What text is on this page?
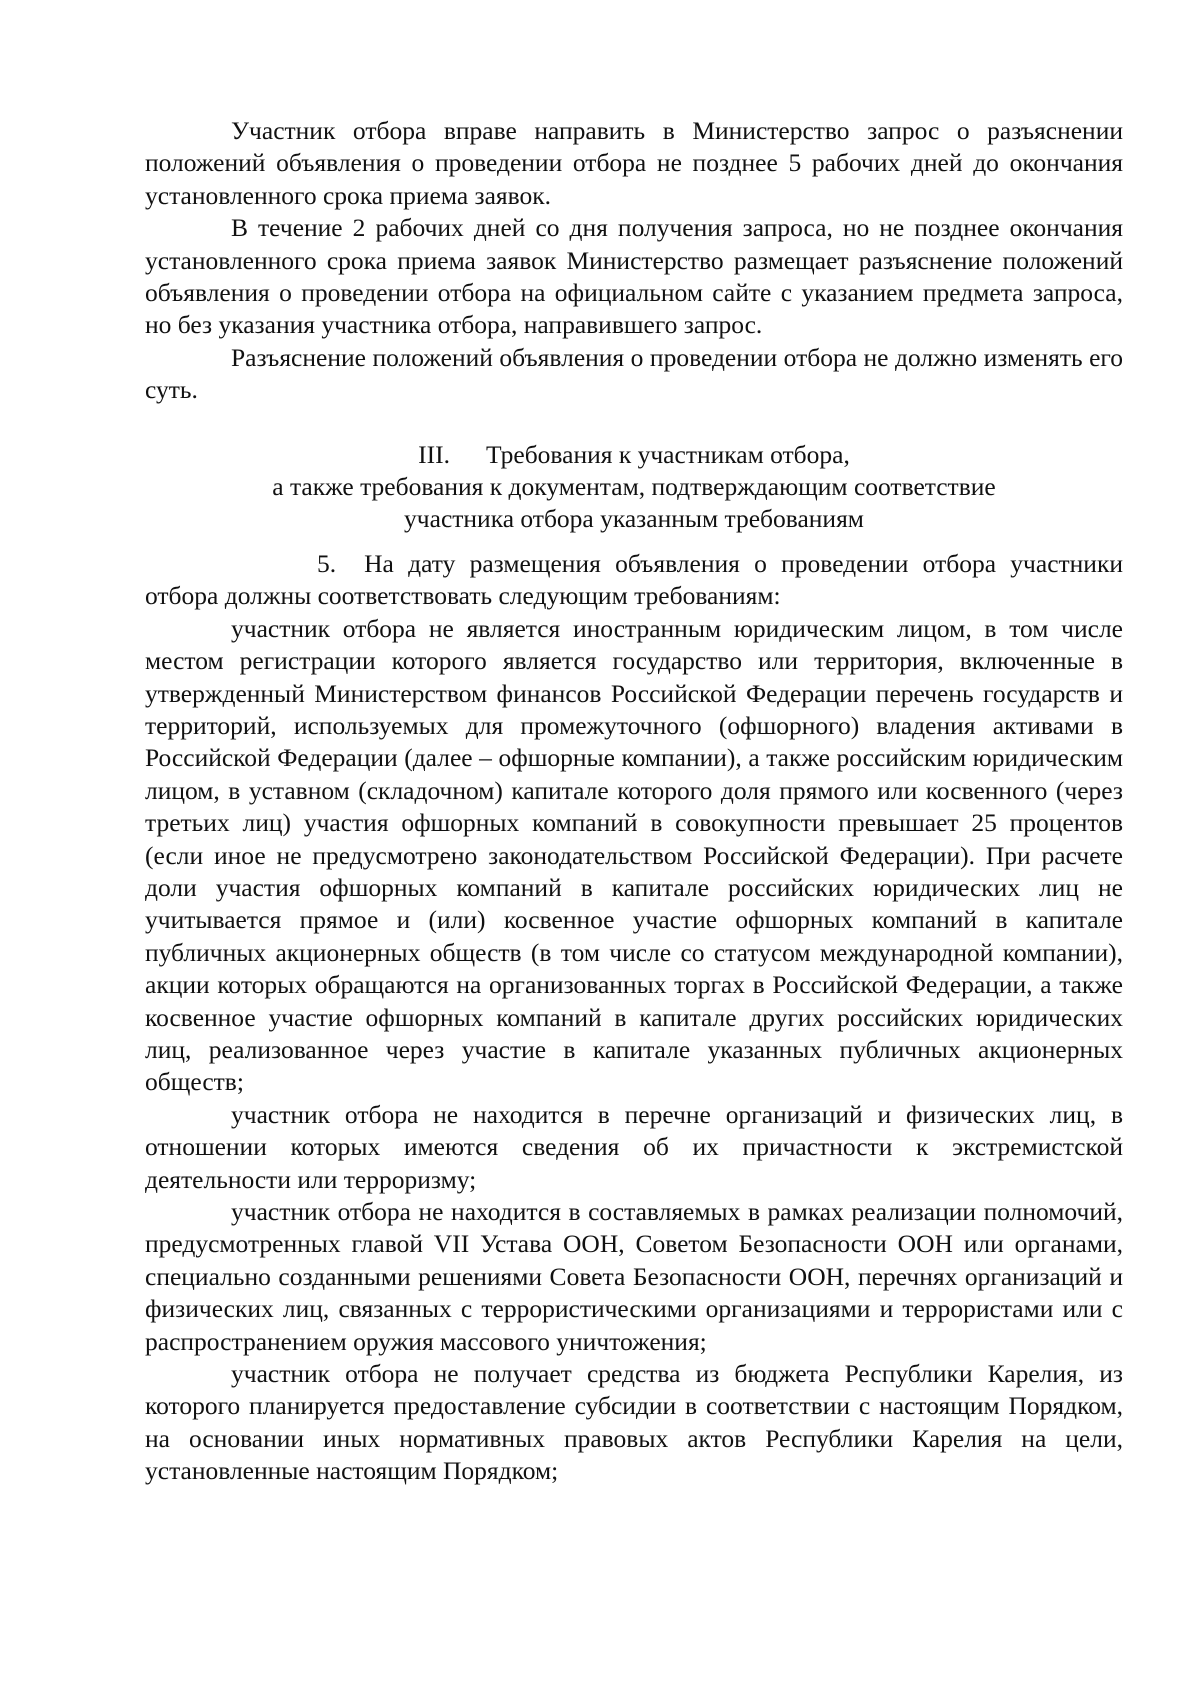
Участник отбора вправе направить в Министерство запрос о разъяснении положений объявления о проведении отбора не позднее 5 рабочих дней до окончания установленного срока приема заявок.

В течение 2 рабочих дней со дня получения запроса, но не позднее окончания установленного срока приема заявок Министерство размещает разъяснение положений объявления о проведении отбора на официальном сайте с указанием предмета запроса, но без указания участника отбора, направившего запрос.

Разъяснение положений объявления о проведении отбора не должно изменять его суть.

III. Требования к участникам отбора,
а также требования к документам, подтверждающим соответствие
участника отбора указанным требованиям

5. На дату размещения объявления о проведении отбора участники отбора должны соответствовать следующим требованиям:

участник отбора не является иностранным юридическим лицом, в том числе местом регистрации которого является государство или территория, включенные в утвержденный Министерством финансов Российской Федерации перечень государств и территорий, используемых для промежуточного (офшорного) владения активами в Российской Федерации (далее – офшорные компании), а также российским юридическим лицом, в уставном (складочном) капитале которого доля прямого или косвенного (через третьих лиц) участия офшорных компаний в совокупности превышает 25 процентов (если иное не предусмотрено законодательством Российской Федерации). При расчете доли участия офшорных компаний в капитале российских юридических лиц не учитывается прямое и (или) косвенное участие офшорных компаний в капитале публичных акционерных обществ (в том числе со статусом международной компании), акции которых обращаются на организованных торгах в Российской Федерации, а также косвенное участие офшорных компаний в капитале других российских юридических лиц, реализованное через участие в капитале указанных публичных акционерных обществ;

участник отбора не находится в перечне организаций и физических лиц, в отношении которых имеются сведения об их причастности к экстремистской деятельности или терроризму;

участник отбора не находится в составляемых в рамках реализации полномочий, предусмотренных главой VII Устава ООН, Советом Безопасности ООН или органами, специально созданными решениями Совета Безопасности ООН, перечнях организаций и физических лиц, связанных с террористическими организациями и террористами или с распространением оружия массового уничтожения;

участник отбора не получает средства из бюджета Республики Карелия, из которого планируется предоставление субсидии в соответствии с настоящим Порядком, на основании иных нормативных правовых актов Республики Карелия на цели, установленные настоящим Порядком;
